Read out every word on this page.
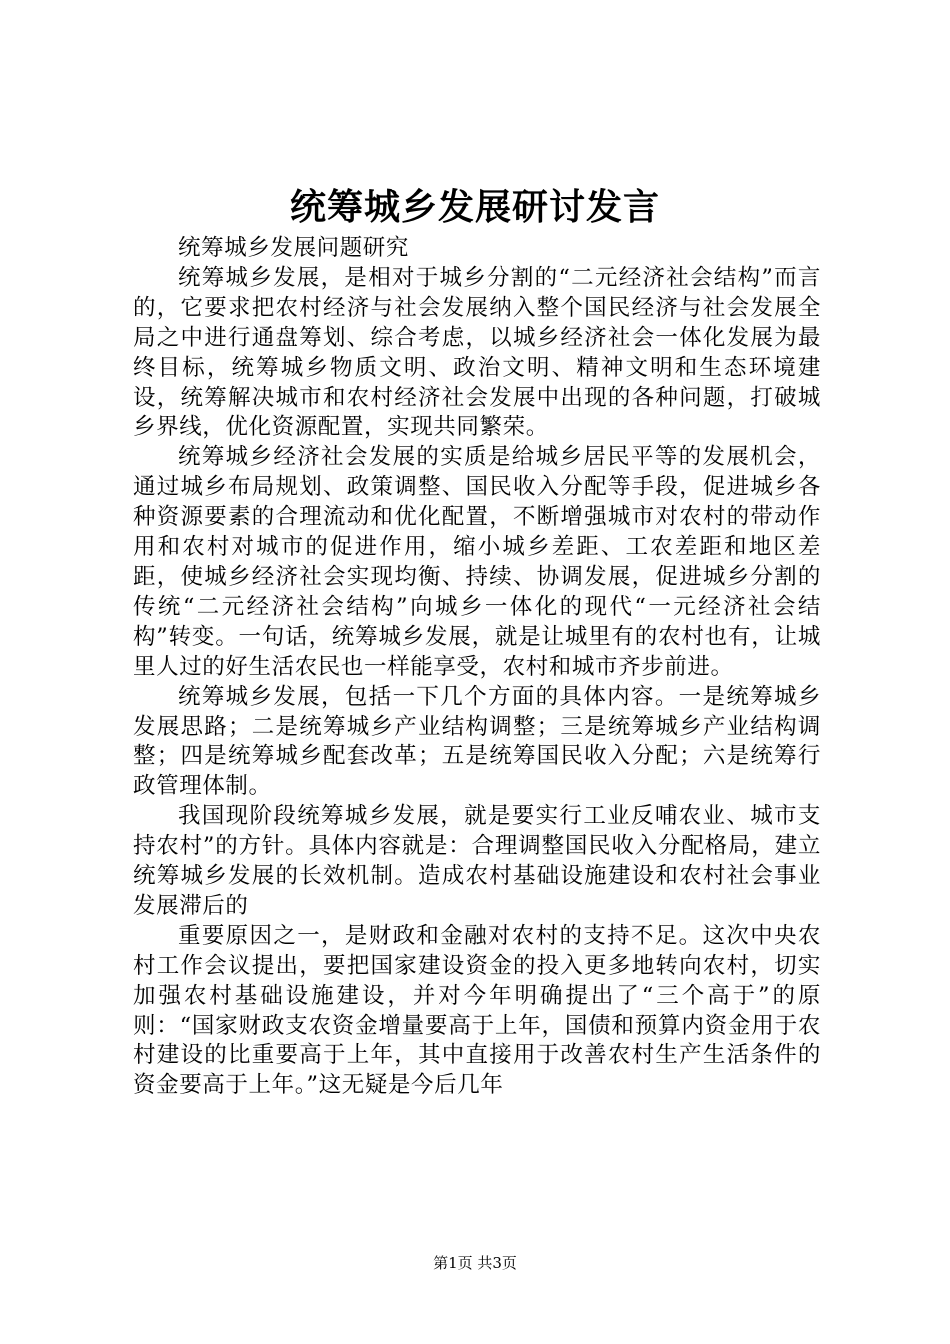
统筹城乡发展研讨发言

统筹城乡发展问题研究

统筹城乡发展，是相对于城乡分割的“二元经济社会结构”而言的，它要求把农村经济与社会发展纳入整个国民经济与社会发展全局之中进行通盘筹划、综合考虑，以城乡经济社会一体化发展为最终目标，统筹城乡物质文明、政治文明、精神文明和生态环境建设，统筹解决城市和农村经济社会发展中出现的各种问题，打破城乡界线，优化资源配置，实现共同繁荣。

统筹城乡经济社会发展的实质是给城乡居民平等的发展机会，通过城乡布局规划、政策调整、国民收入分配等手段，促进城乡各种资源要素的合理流动和优化配置，不断增强城市对农村的带动作用和农村对城市的促进作用，缩小城乡差距、工农差距和地区差距，使城乡经济社会实现均衡、持续、协调发展，促进城乡分割的传统“二元经济社会结构”向城乡一体化的现代“一元经济社会结构”转变。一句话，统筹城乡发展，就是让城里有的农村也有，让城里人过的好生活农民也一样能享受，农村和城市齐步前进。

统筹城乡发展，包括一下几个方面的具体内容。一是统筹城乡发展思路；二是统筹城乡产业结构调整；三是统筹城乡产业结构调整；四是统筹城乡配套改革；五是统筹国民收入分配；六是统筹行政管理体制。

我国现阶段统筹城乡发展，就是要实行工业反哺农业、城市支持农村”的方针。具体内容就是：合理调整国民收入分配格局，建立统筹城乡发展的长效机制。造成农村基础设施建设和农村社会事业发展滞后的

重要原因之一，是财政和金融对农村的支持不足。这次中央农村工作会议提出，要把国家建设资金的投入更多地转向农村，切实加强农村基础设施建设，并对今年明确提出了“三个高于”的原则：“国家财政支农资金增量要高于上年，国债和预算内资金用于农村建设的比重要高于上年，其中直接用于改善农村生产生活条件的资金要高于上年。”这无疑是今后几年

第1页 共3页
